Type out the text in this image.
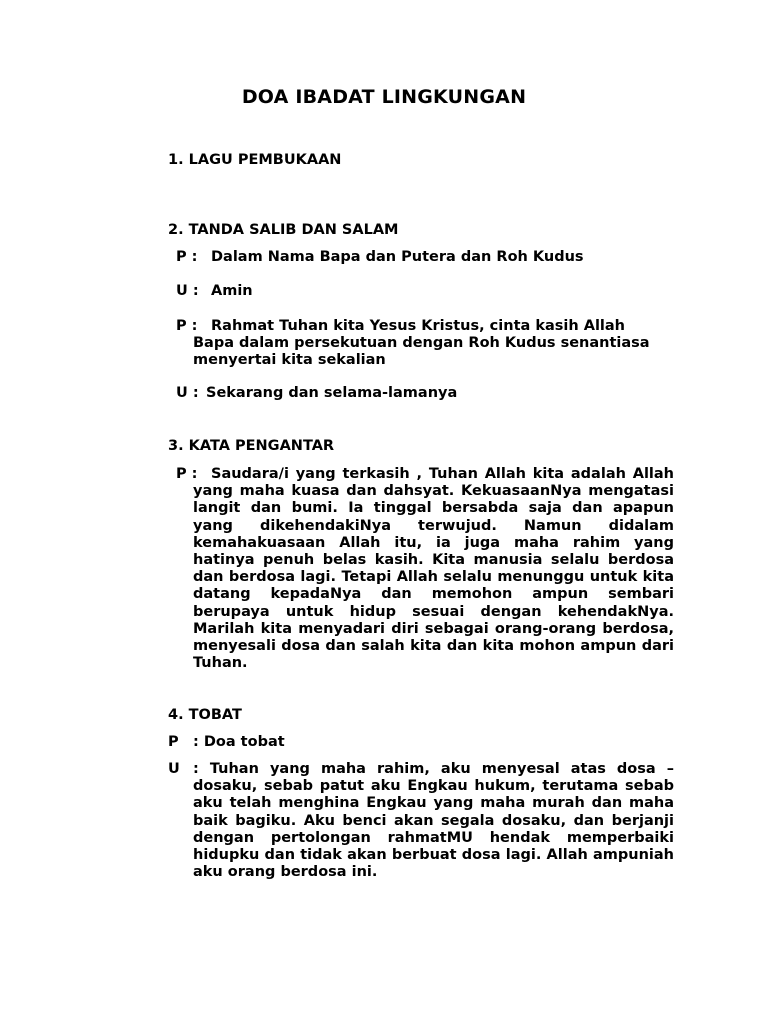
DOA IBADAT LINGKUNGAN
1. LAGU PEMBUKAAN
2. TANDA SALIB DAN SALAM
P : Dalam Nama Bapa dan Putera dan Roh Kudus
U : Amin
P : Rahmat Tuhan kita Yesus Kristus, cinta kasih Allah Bapa dalam persekutuan dengan Roh Kudus senantiasa menyertai kita sekalian
U : Sekarang dan selama-lamanya
3. KATA PENGANTAR
P : Saudara/i yang terkasih , Tuhan Allah kita adalah Allah yang maha kuasa dan dahsyat. KekuasaanNya mengatasi langit dan bumi. Ia tinggal bersabda saja dan apapun yang dikehendakiNya terwujud. Namun didalam kemahakuasaan Allah itu, ia juga maha rahim yang hatinya penuh belas kasih. Kita manusia selalu berdosa dan berdosa lagi. Tetapi Allah selalu menunggu untuk kita datang kepadaNya dan memohon ampun sembari berupaya untuk hidup sesuai dengan kehendakNya. Marilah kita menyadari diri sebagai orang-orang berdosa, menyesali dosa dan salah kita dan kita mohon ampun dari Tuhan.
4. TOBAT
P : Doa tobat
U : Tuhan yang maha rahim, aku menyesal atas dosa – dosaku, sebab patut aku Engkau hukum, terutama sebab aku telah menghina Engkau yang maha murah dan maha baik bagiku. Aku benci akan segala dosaku, dan berjanji dengan pertolongan rahmatMU hendak memperbaiki hidupku dan tidak akan berbuat dosa lagi. Allah ampuniah aku orang berdosa ini.
